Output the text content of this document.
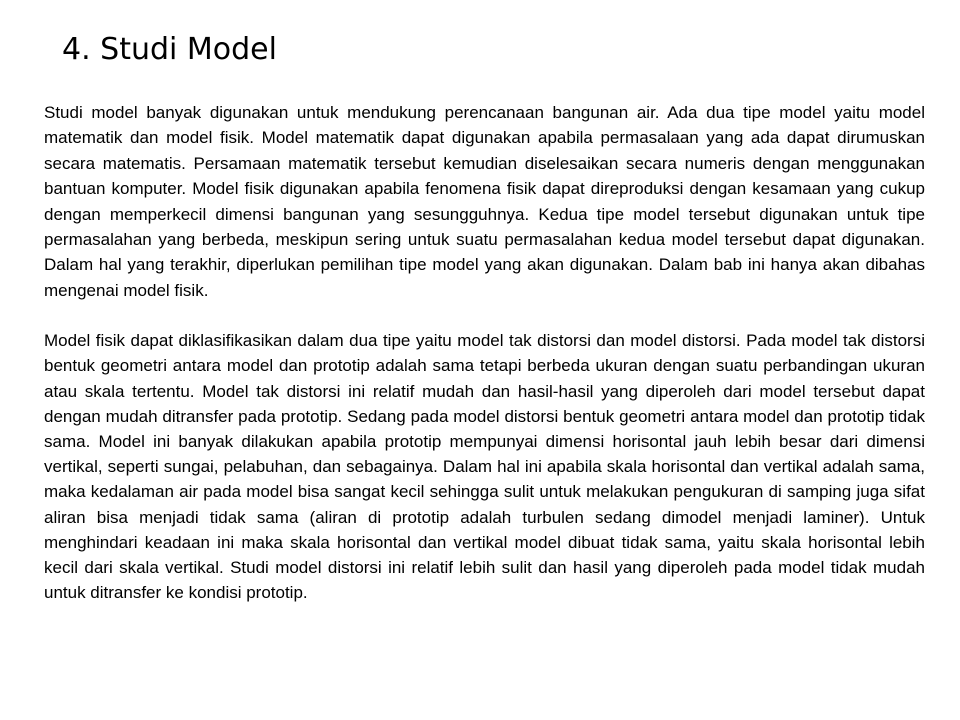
4. Studi Model

Studi model banyak digunakan untuk mendukung perencanaan bangunan air. Ada dua tipe model yaitu model matematik dan model fisik. Model matematik dapat digunakan apabila permasalaan yang ada dapat dirumuskan secara matematis. Persamaan matematik tersebut kemudian diselesaikan secara numeris dengan menggunakan bantuan komputer. Model fisik digunakan apabila fenomena fisik dapat direproduksi dengan kesamaan yang cukup dengan memperkecil dimensi bangunan yang sesungguhnya. Kedua tipe model tersebut digunakan untuk tipe permasalahan yang berbeda, meskipun sering untuk suatu permasalahan kedua model tersebut dapat digunakan. Dalam hal yang terakhir, diperlukan pemilihan tipe model yang akan digunakan. Dalam bab ini hanya akan dibahas mengenai model fisik.

Model fisik dapat diklasifikasikan dalam dua tipe yaitu model tak distorsi dan model distorsi. Pada model tak distorsi bentuk geometri antara model dan prototip adalah sama tetapi berbeda ukuran dengan suatu perbandingan ukuran atau skala tertentu. Model tak distorsi ini relatif mudah dan hasil-hasil yang diperoleh dari model tersebut dapat dengan mudah ditransfer pada prototip. Sedang pada model distorsi bentuk geometri antara model dan prototip tidak sama. Model ini banyak dilakukan apabila prototip mempunyai dimensi horisontal jauh lebih besar dari dimensi vertikal, seperti sungai, pelabuhan, dan sebagainya. Dalam hal ini apabila skala horisontal dan vertikal adalah sama, maka kedalaman air pada model bisa sangat kecil sehingga sulit untuk melakukan pengukuran di samping juga sifat aliran bisa menjadi tidak sama (aliran di prototip adalah turbulen sedang dimodel menjadi laminer). Untuk menghindari keadaan ini maka skala horisontal dan vertikal model dibuat tidak sama, yaitu skala horisontal lebih kecil dari skala vertikal. Studi model distorsi ini relatif lebih sulit dan hasil yang diperoleh pada model tidak mudah untuk ditransfer ke kondisi prototip.
